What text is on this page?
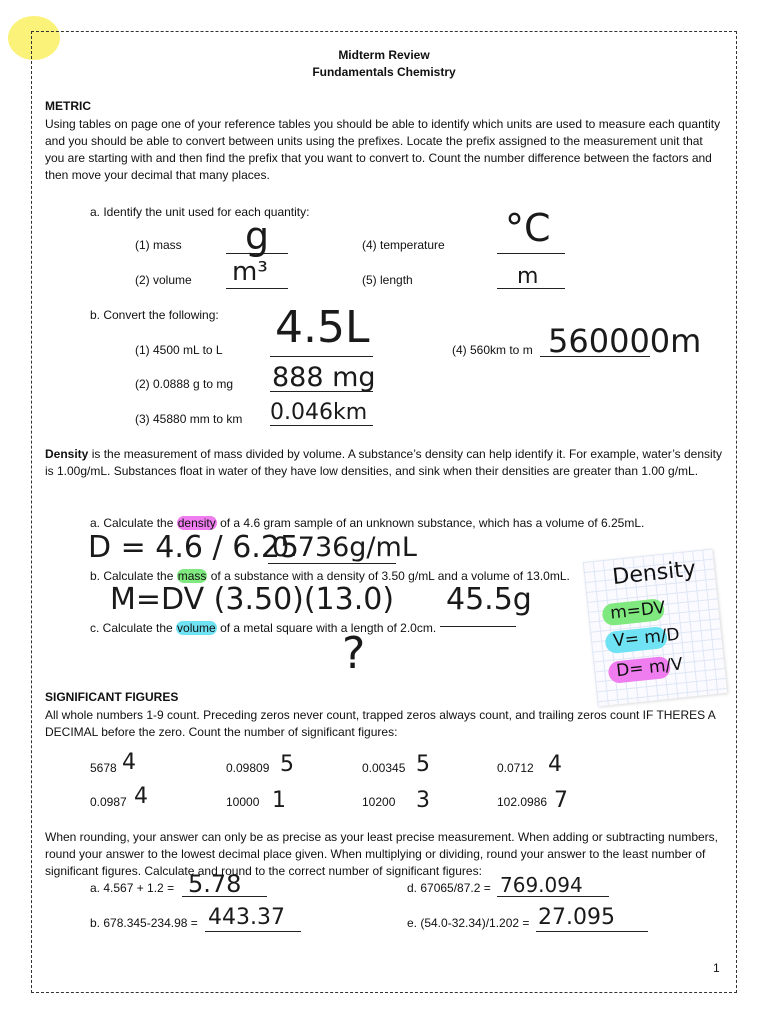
Midterm Review
Fundamentals Chemistry
METRIC
Using tables on page one of your reference tables you should be able to identify which units are used to measure each quantity and you should be able to convert between units using the prefixes. Locate the prefix assigned to the measurement unit that you are starting with and then find the prefix that you want to convert to. Count the number difference between the factors and then move your decimal that many places.
a. Identify the unit used for each quantity:
(1) mass g
(2) volume m³
(4) temperature °C
(5) length	m
b. Convert the following:
(1) 4500 mL to L 4.5L
(2) 0.0888 g to mg 888 mg
(3) 45880 mm to km 0.046km
(4) 560km to m 560000m
Density is the measurement of mass divided by volume. A substance’s density can help identify it. For example, water’s density is 1.00g/mL. Substances float in water of they have low densities, and sink when their densities are greater than 1.00 g/mL.
a. Calculate the density of a 4.6 gram sample of an unknown substance, which has a volume of 6.25mL.
D = 4.6 / 6.25
0.736g/mL
b. Calculate the mass of a substance with a density of 3.50 g/mL and a volume of 13.0mL.
M=DV (3.50)(13.0) 45.5g
c. Calculate the volume of a metal square with a length of 2.0cm.
?
Density
m=DV
V= m/D
D= m/V
SIGNIFICANT FIGURES
All whole numbers 1-9 count. Preceding zeros never count, trapped zeros always count, and trailing zeros count IF THERES A DECIMAL before the zero. Count the number of significant figures:
5678 4	0.09809 5	0.00345 5	0.0712 4
0.0987 4	10000 1	10200 3	102.0986 7
When rounding, your answer can only be as precise as your least precise measurement. When adding or subtracting numbers, round your answer to the lowest decimal place given. When multiplying or dividing, round your answer to the least number of significant figures. Calculate and round to the correct number of significant figures:
a. 4.567 + 1.2 = 5.78	d. 67065/87.2 = 769.094
b. 678.345-234.98 = 443.37	e. (54.0-32.34)/1.202 = 27.095
1
